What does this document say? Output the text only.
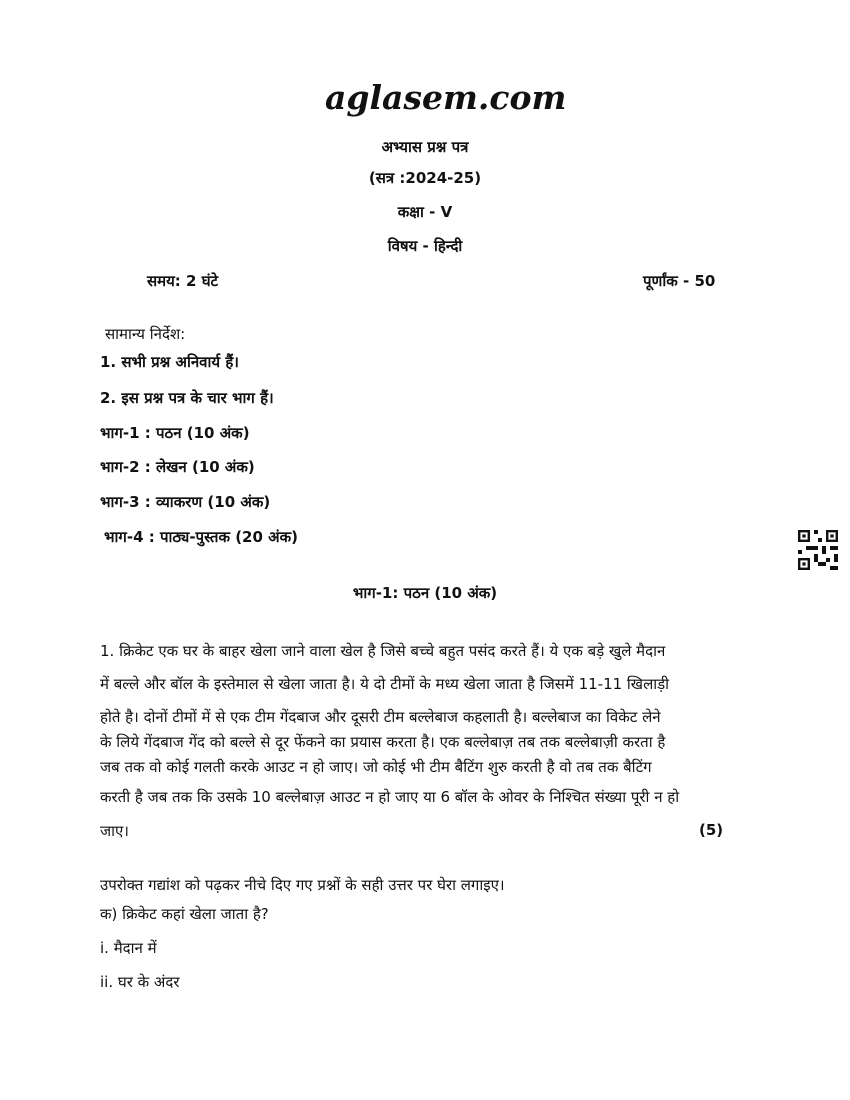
aglasem.com
अभ्यास प्रश्न पत्र
(सत्र :2024-25)
कक्षा - V
विषय - हिन्दी
समय: 2 घंटे	पूर्णांक - 50
सामान्य निर्देश:
1. सभी प्रश्न अनिवार्य हैं।
2. इस प्रश्न पत्र के चार भाग हैं।
भाग-1 : पठन (10 अंक)
भाग-2 : लेखन (10 अंक)
भाग-3 : व्याकरण (10 अंक)
भाग-4 : पाठ्य-पुस्तक (20 अंक)
भाग-1: पठन (10 अंक)
1. क्रिकेट एक घर के बाहर खेला जाने वाला खेल है जिसे बच्चे बहुत पसंद करते हैं। ये एक बड़े खुले मैदान
में बल्ले और बॉल के इस्तेमाल से खेला जाता है। ये दो टीमों के मध्य खेला जाता है जिसमें 11-11 खिलाड़ी
होते है। दोनों टीमों में से एक टीम गेंदबाज और दूसरी टीम बल्लेबाज कहलाती है। बल्लेबाज का विकेट लेने
के लिये गेंदबाज गेंद को बल्ले से दूर फेंकने का प्रयास करता है। एक बल्लेबाज़ तब तक बल्लेबाज़ी करता है
जब तक वो कोई गलती करके आउट न हो जाए। जो कोई भी टीम बैटिंग शुरु करती है वो तब तक बैटिंग
करती है जब तक कि उसके 10 बल्लेबाज़ आउट न हो जाए या 6 बॉल के ओवर के निश्चित संख्या पूरी न हो
जाए।	(5)
उपरोक्त गद्यांश को पढ़कर नीचे दिए गए प्रश्नों के सही उत्तर पर घेरा लगाइए।
क) क्रिकेट कहां खेला जाता है?
i. मैदान में
ii. घर के अंदर
